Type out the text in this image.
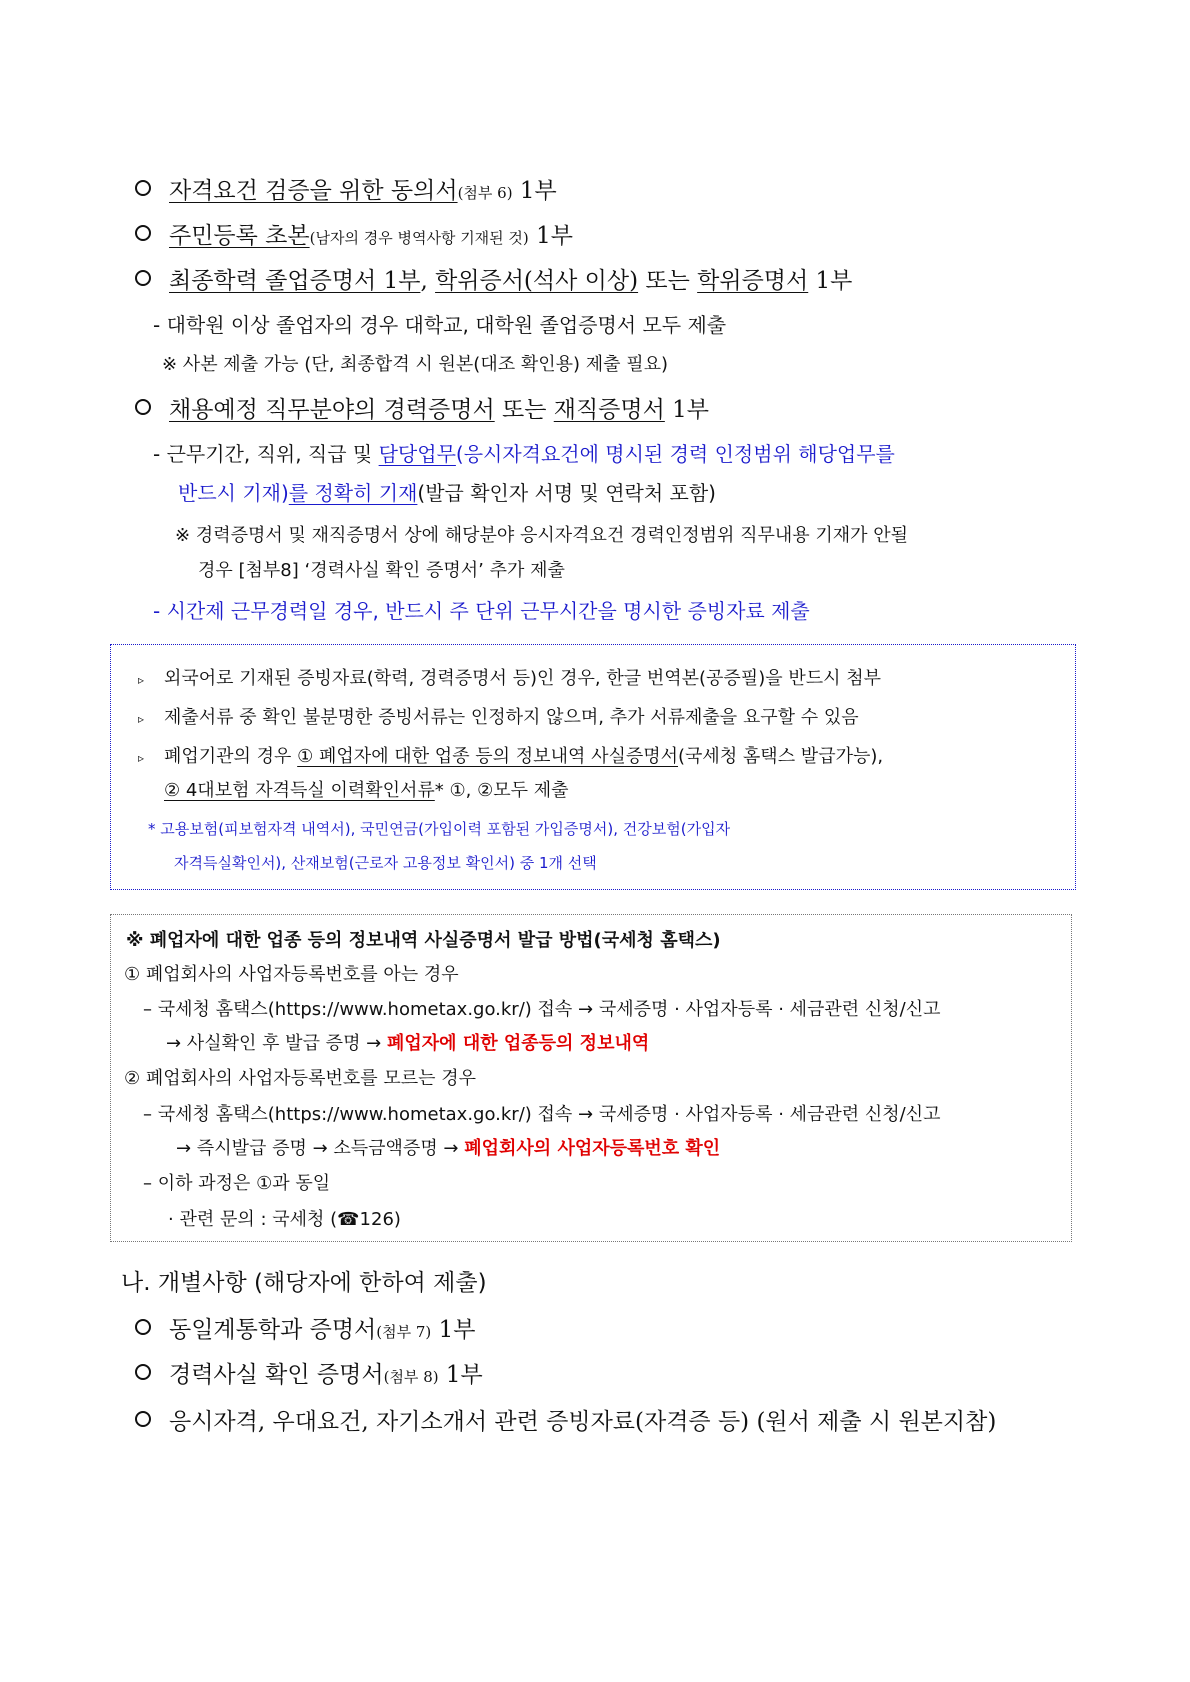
자격요건 검증을 위한 동의서(첨부 6) 1부
주민등록 초본(남자의 경우 병역사항 기재된 것) 1부
최종학력 졸업증명서 1부, 학위증서(석사 이상) 또는 학위증명서 1부
- 대학원 이상 졸업자의 경우 대학교, 대학원 졸업증명서 모두 제출
※ 사본 제출 가능 (단, 최종합격 시 원본(대조 확인용) 제출 필요)
채용예정 직무분야의 경력증명서 또는 재직증명서 1부
- 근무기간, 직위, 직급 및 담당업무(응시자격요건에 명시된 경력 인정범위 해당업무를
반드시 기재)를 정확히 기재(발급 확인자 서명 및 연락처 포함)
※ 경력증명서 및 재직증명서 상에 해당분야 응시자격요건 경력인정범위 직무내용 기재가 안될
경우 [첨부8] ‘경력사실 확인 증명서’ 추가 제출
- 시간제 근무경력일 경우, 반드시 주 단위 근무시간을 명시한 증빙자료 제출
▹ 외국어로 기재된 증빙자료(학력, 경력증명서 등)인 경우, 한글 번역본(공증필)을 반드시 첨부
▹ 제출서류 중 확인 불분명한 증빙서류는 인정하지 않으며, 추가 서류제출을 요구할 수 있음
▹ 폐업기관의 경우 ① 폐업자에 대한 업종 등의 정보내역 사실증명서(국세청 홈택스 발급가능),
② 4대보험 자격득실 이력확인서류* ①, ②모두 제출
* 고용보험(피보험자격 내역서), 국민연금(가입이력 포함된 가입증명서), 건강보험(가입자
자격득실확인서), 산재보험(근로자 고용정보 확인서) 중 1개 선택
※ 폐업자에 대한 업종 등의 정보내역 사실증명서 발급 방법(국세청 홈택스)
① 폐업회사의 사업자등록번호를 아는 경우
– 국세청 홈택스(https://www.hometax.go.kr/) 접속 → 국세증명 · 사업자등록 · 세금관련 신청/신고
→ 사실확인 후 발급 증명 → 폐업자에 대한 업종등의 정보내역
② 폐업회사의 사업자등록번호를 모르는 경우
– 국세청 홈택스(https://www.hometax.go.kr/) 접속 → 국세증명 · 사업자등록 · 세금관련 신청/신고
→ 즉시발급 증명 → 소득금액증명 → 폐업회사의 사업자등록번호 확인
– 이하 과정은 ①과 동일
· 관련 문의 : 국세청 (☎126)
나. 개별사항 (해당자에 한하여 제출)
동일계통학과 증명서(첨부 7) 1부
경력사실 확인 증명서(첨부 8) 1부
응시자격, 우대요건, 자기소개서 관련 증빙자료(자격증 등) (원서 제출 시 원본지참)
